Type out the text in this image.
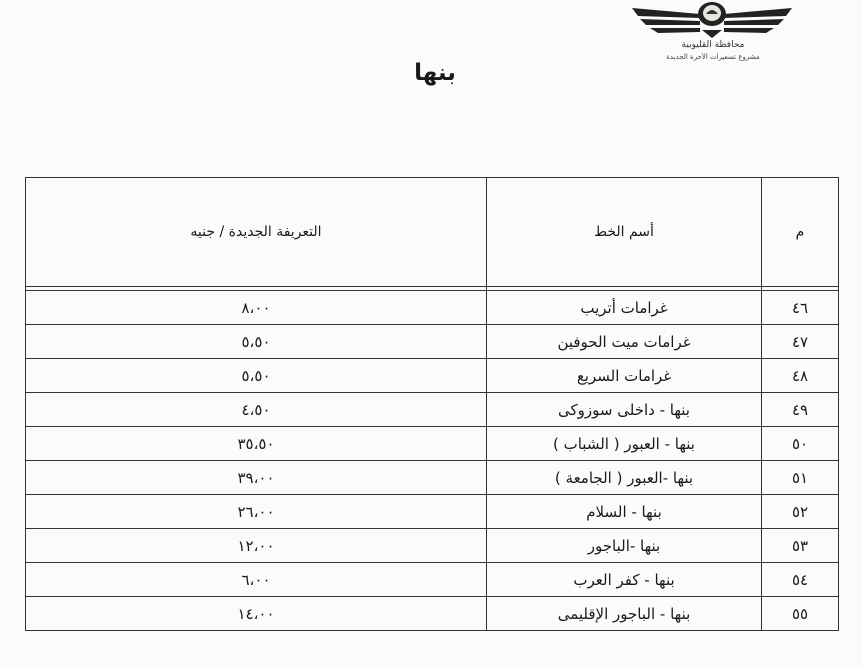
محافظة القليوبية
مشروع تسعيرات الأجرة الجديدة
بنها
م	أسم الخط	التعريفة الجديدة / جنيه

٤٦	غرامات أتريب	٨،٠٠
٤٧	غرامات ميت الحوفين	٥،٥٠
٤٨	غرامات السريع	٥،٥٠
٤٩	بنها - داخلى سوزوكى	٤،٥٠
٥٠	بنها - العبور ( الشباب )	٣٥،٥٠
٥١	بنها -العبور ( الجامعة )	٣٩،٠٠
٥٢	بنها - السلام	٢٦،٠٠
٥٣	بنها -الباجور	١٢،٠٠
٥٤	بنها - كفر العرب	٦،٠٠
٥٥	بنها - الباجور الإقليمى	١٤،٠٠
